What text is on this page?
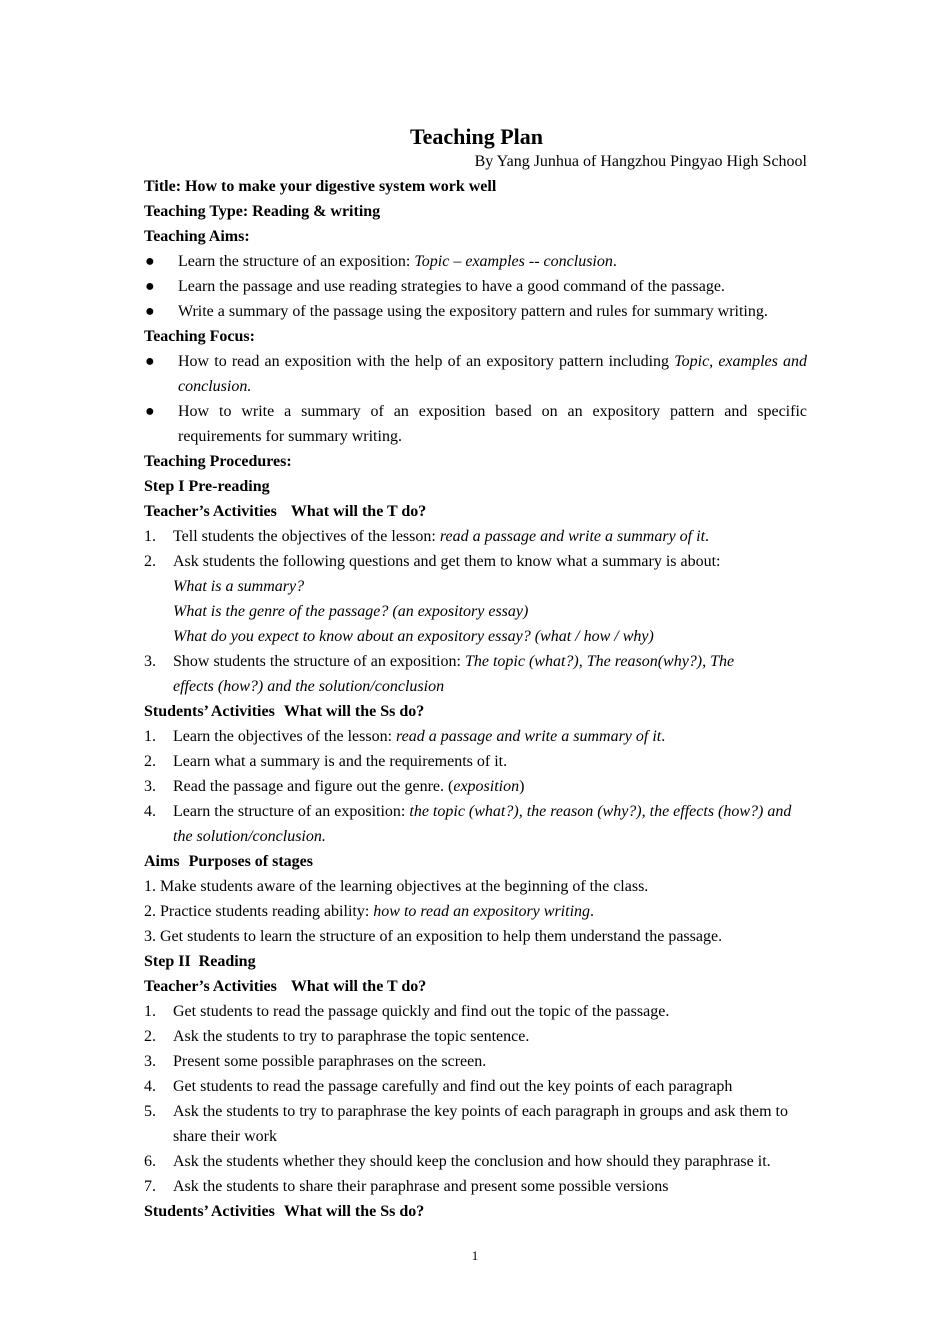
Teaching Plan
By Yang Junhua of Hangzhou Pingyao High School
Title: How to make your digestive system work well
Teaching Type: Reading & writing
Teaching Aims:
● Learn the structure of an exposition: Topic – examples -- conclusion.
● Learn the passage and use reading strategies to have a good command of the passage.
● Write a summary of the passage using the expository pattern and rules for summary writing.
Teaching Focus:
● How to read an exposition with the help of an expository pattern including Topic, examples and conclusion.
● How to write a summary of an exposition based on an expository pattern and specific requirements for summary writing.
Teaching Procedures:
Step I Pre-reading
Teacher’s Activities What will the T do?
1. Tell students the objectives of the lesson: read a passage and write a summary of it.
2. Ask students the following questions and get them to know what a summary is about:
What is a summary?
What is the genre of the passage? (an expository essay)
What do you expect to know about an expository essay? (what / how / why)
3. Show students the structure of an exposition: The topic (what?), The reason(why?), The effects (how?) and the solution/conclusion
Students’ Activities What will the Ss do?
1. Learn the objectives of the lesson: read a passage and write a summary of it.
2. Learn what a summary is and the requirements of it.
3. Read the passage and figure out the genre. (exposition)
4. Learn the structure of an exposition: the topic (what?), the reason (why?), the effects (how?) and the solution/conclusion.
Aims Purposes of stages
1. Make students aware of the learning objectives at the beginning of the class.
2. Practice students reading ability: how to read an expository writing.
3. Get students to learn the structure of an exposition to help them understand the passage.
Step II  Reading
Teacher’s Activities What will the T do?
1. Get students to read the passage quickly and find out the topic of the passage.
2. Ask the students to try to paraphrase the topic sentence.
3. Present some possible paraphrases on the screen.
4. Get students to read the passage carefully and find out the key points of each paragraph
5. Ask the students to try to paraphrase the key points of each paragraph in groups and ask them to share their work
6. Ask the students whether they should keep the conclusion and how should they paraphrase it.
7. Ask the students to share their paraphrase and present some possible versions
Students’ Activities What will the Ss do?
1
